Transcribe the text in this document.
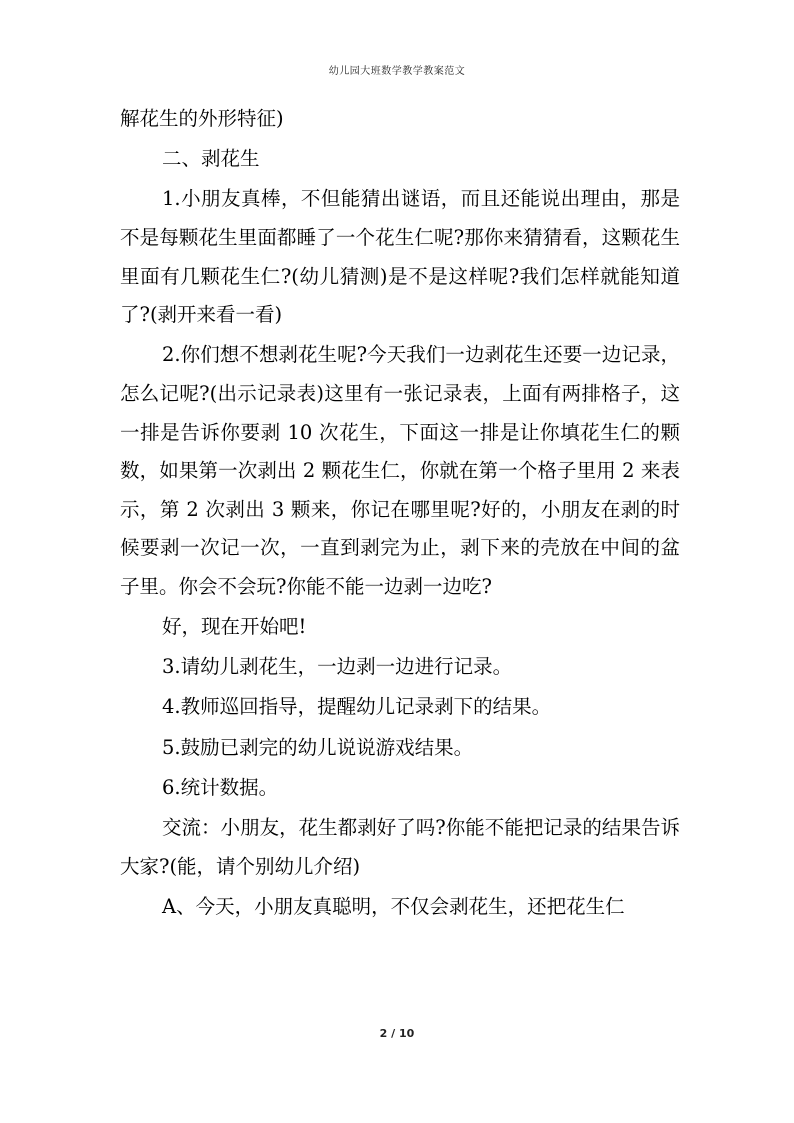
幼儿园大班数学教学教案范文

解花生的外形特征)

二、剥花生

1.小朋友真棒，不但能猜出谜语，而且还能说出理由，那是不是每颗花生里面都睡了一个花生仁呢?那你来猜猜看，这颗花生里面有几颗花生仁?(幼儿猜测)是不是这样呢?我们怎样就能知道了?(剥开来看一看)

2.你们想不想剥花生呢?今天我们一边剥花生还要一边记录，怎么记呢?(出示记录表)这里有一张记录表，上面有两排格子，这一排是告诉你要剥 10 次花生，下面这一排是让你填花生仁的颗数，如果第一次剥出 2 颗花生仁，你就在第一个格子里用 2 来表示，第 2 次剥出 3 颗来，你记在哪里呢?好的，小朋友在剥的时候要剥一次记一次，一直到剥完为止，剥下来的壳放在中间的盆子里。你会不会玩?你能不能一边剥一边吃?

好，现在开始吧!

3.请幼儿剥花生，一边剥一边进行记录。

4.教师巡回指导，提醒幼儿记录剥下的结果。

5.鼓励已剥完的幼儿说说游戏结果。

6.统计数据。

交流：小朋友，花生都剥好了吗?你能不能把记录的结果告诉大家?(能，请个别幼儿介绍)

A、今天，小朋友真聪明，不仅会剥花生，还把花生仁

2 / 10
